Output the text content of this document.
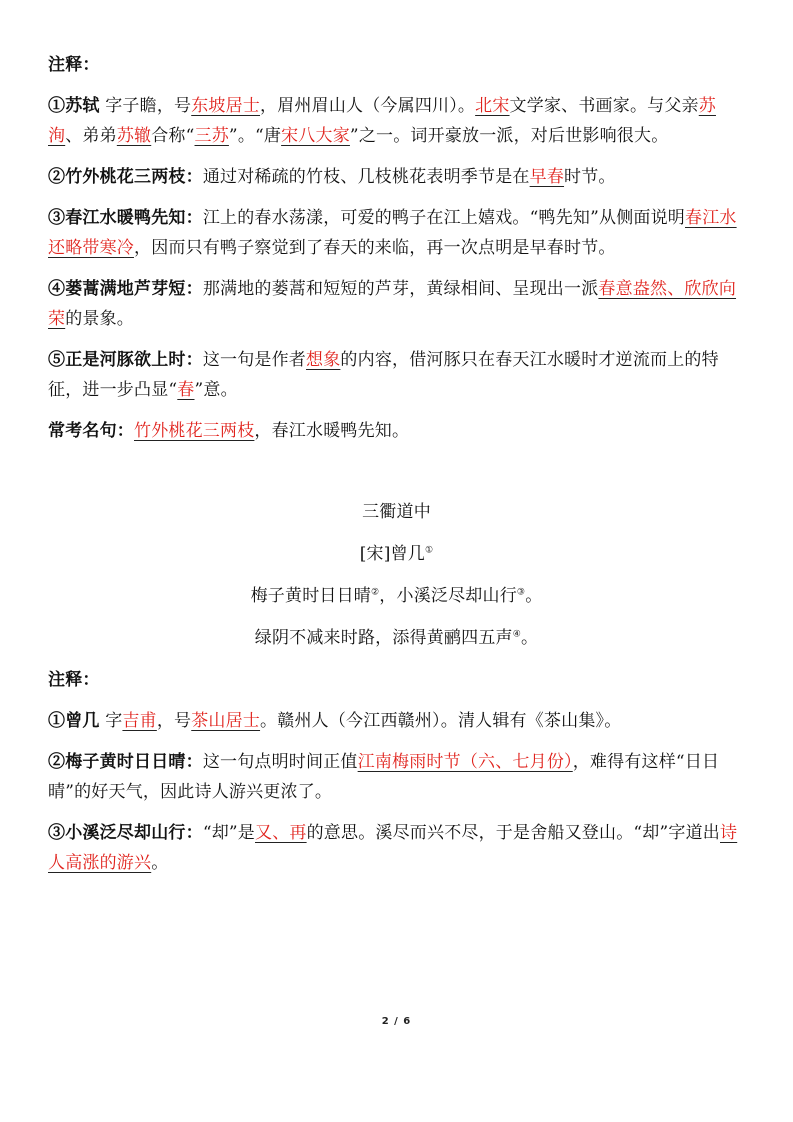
注释：

①苏轼 字子瞻，号东坡居士，眉州眉山人（今属四川）。北宋文学家、书画家。与父亲苏洵、弟弟苏辙合称“三苏”。“唐宋八大家”之一。词开豪放一派，对后世影响很大。

②竹外桃花三两枝：通过对稀疏的竹枝、几枝桃花表明季节是在早春时节。

③春江水暖鸭先知：江上的春水荡漾，可爱的鸭子在江上嬉戏。“鸭先知”从侧面说明春江水还略带寒冷，因而只有鸭子察觉到了春天的来临，再一次点明是早春时节。

④蒌蒿满地芦芽短：那满地的蒌蒿和短短的芦芽，黄绿相间、呈现出一派春意盎然、欣欣向荣的景象。

⑤正是河豚欲上时：这一句是作者想象的内容，借河豚只在春天江水暖时才逆流而上的特征，进一步凸显“春”意。

常考名句：竹外桃花三两枝，春江水暖鸭先知。

三衢道中

[宋]曾几①

梅子黄时日日晴②，小溪泛尽却山行③。

绿阴不减来时路，添得黄鹂四五声④。

注释：

①曾几 字吉甫，号茶山居士。赣州人（今江西赣州）。清人辑有《茶山集》。

②梅子黄时日日晴：这一句点明时间正值江南梅雨时节（六、七月份），难得有这样“日日晴”的好天气，因此诗人游兴更浓了。

③小溪泛尽却山行：“却”是又、再的意思。溪尽而兴不尽，于是舍船又登山。“却”字道出诗人高涨的游兴。

2 / 6
